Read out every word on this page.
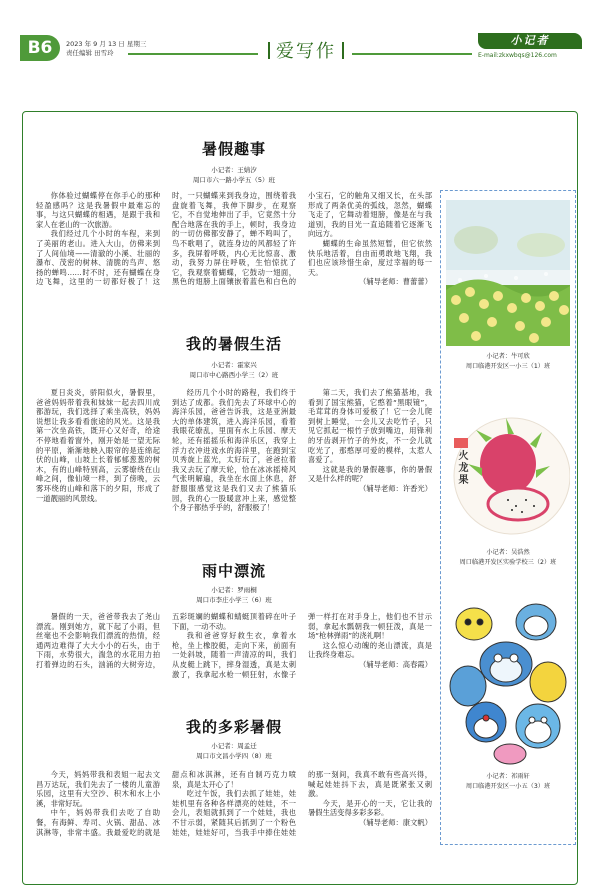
B6	2023 年 9 月 13 日 星期三
责任编辑 田雪玲	爱写作
小记者
E-mail:zkxwbqs@126.com
暑假趣事
小记者：王婧汐
周口市六一路小学五（5）班

你体验过蝴蝶停在你手心的那种轻盈感吗？这是我暑假中最难忘的事，与这只蝴蝶的相遇，是跟于我和家人在老山的一次旅游。

我们经过几个小时的车程，来到了美丽的老山。进入大山，仿佛来到了人间仙境——清澈的小溪、壮丽的瀑布、茂密的树林、清脆的鸟声、悠扬的蝉鸣……时不时，还有蝴蝶在身边飞舞，这里的一切都好极了！这时，一只蝴蝶来到我身边，围绕着我盘旋着飞舞，我伸下脚步，在观察它，不自觉地伸出了手，它竟然十分配合地落在我的手上，顿时，我身边的一切仿佛都安静了，蝉不鸣叫了，鸟不歌唱了，就连身边的风都轻了许多，我屏着呼吸，内心无比惊喜、激动，我努力屏住呼吸，生怕惊扰了它，我观察着蝴蝶，它鼓动一翅面，黑色的翅膀上面镶嵌着蓝色和白色的小宝石，它的触角又细又长，在头部形成了两条优美的弧线，忽然，蝴蝶飞走了，它舞动着翅膀，像是在与我道别，我的目光一直追随着它逐渐飞向远方。

蝴蝶的生命虽然短暂，但它依然快乐地活着，自由而勇敢地飞翔，我们也应该珍惜生命，度过幸福的每一天。

（辅导老师：曹蕾蕾）

我的暑假生活
小记者：霍家兴
周口市中心路西小学三（2）班

夏日炎炎，骄阳似火，暑假里，爸爸妈妈带着我和妹妹一起去四川成都游玩，我们选择了乘坐高铁，妈妈说想让我多看看旅途的风光。这是我第一次坐高铁，既开心又好奇，给途不停地看着窗外，刚开始是一望无际的平原，渐渐地映入眼帘的是连绵起伏的山峰，山坡上长着郁郁葱葱的树木，有的山峰特别高，云雾缭绕在山峰之间，像仙境一样，到了傍晚，云雾环绕的山峰和落下的夕阳，形成了一道靓丽的风景线。

经历几个小时的路程，我们终于到达了成都。我们先去了环球中心的海洋乐园，爸爸告诉我，这是亚洲最大的单体建筑，进入海洋乐园，看着我眼花缭乱，里面有水上乐园、摩天轮，还有摇摇乐和海洋乐区，我穿上浮力衣冲进戏水的海洋里，在跑到宝贝秀旋上蓝光，太好玩了，爸爸拉着我又去玩了摩天轮，恰在冰冰摇椅风气张明解遍，我坐在水面上休息，舒舒服服感觉这是我们又去了熊猫乐园，我的心一股暖意冲上来，感觉整个身子都热乎乎的，舒服极了！

第二天，我们去了熊猫基地，我看到了国宝熊猫，它憨着“黑眼镜”，毛茸茸的身体可爱极了！它一会儿爬到树上睡觉，一会儿又去吃竹子，只见它抓起一根竹子放到嘴边，用锋利的牙齿剥开竹子的外皮，不一会儿就吃光了，那憨厚可爱的模样，太惹人喜爱了。

这就是我的暑假趣事，你的暑假又是什么样的呢？

（辅导老师：许香光）

雨中漂流
小记者：罗雨桐
周口市李庄小学三（6）班

暑假的一天，爸爸带我去了尧山漂流。刚到她方，就下起了小雨，但丝毫也不会影响我们漂流的热情，经通两边难得了大大小小的石头，由于下雨，水势很大，湍急的水花用力拍打着弹边的石头，汹涌的大树旁边，五彩斑斓的蝴蝶和蜻蜓顶着碎在叶子下面，一动不动。

我和爸爸穿好救生衣，拿着水枪，坐上橡胶艇，走向下来，前面有一处斜坡，随着一声清凉的叫，我们从皮艇上跳下，摔身湿透，真是太刺激了，我拿起水枪一顿狂射，水像子弹一样打在对手身上，他们也不甘示弱，拿起水瓢朝我一顿狂泼，真是一场“枪林弹雨”的浇礼啊！

这么惊心动魄的尧山漂流，真是让我终身难忘。

（辅导老师：高春霞）

我的多彩暑假
小记者：周孟迁
周口市文昌小学四（8）班

今天，妈妈带我和表姐一起去文昌万达玩，我们先去了一楼的儿童游乐园，这里有大空沙、积木和水上小溪，非常好玩。

中午，妈妈带我们去吃了自助餐，有海鲜、寿司、火锅、甜品、冰淇淋等，非常丰盛。我最爱吃的就是甜点和冰淇淋，还有自制巧克力喷泉，真是太开心了！

吃过午饭，我们去抓了娃娃，娃娃机里有各种各样漂亮的娃娃，不一会儿，表姐就抓到了一个娃娃，我也不甘示弱，紧随其后抓到了一个粉色娃娃，娃娃好可，当我手中捧住娃娃的那一刻间，我真不敢有些高兴得，喊起娃娃抖下去，真是既紧张又刺激。

今天，是开心的一天，它让我的暑假生活变得多彩多彩。

（辅导老师：康文帆）

小记者：牛可欣
周口临港开发区一小三（1）班
火龙果
小记者：吴浩然
周口临港开发区实验学校三（2）班
小记者：祁雨轩
周口临港开发区一小五（3）班
